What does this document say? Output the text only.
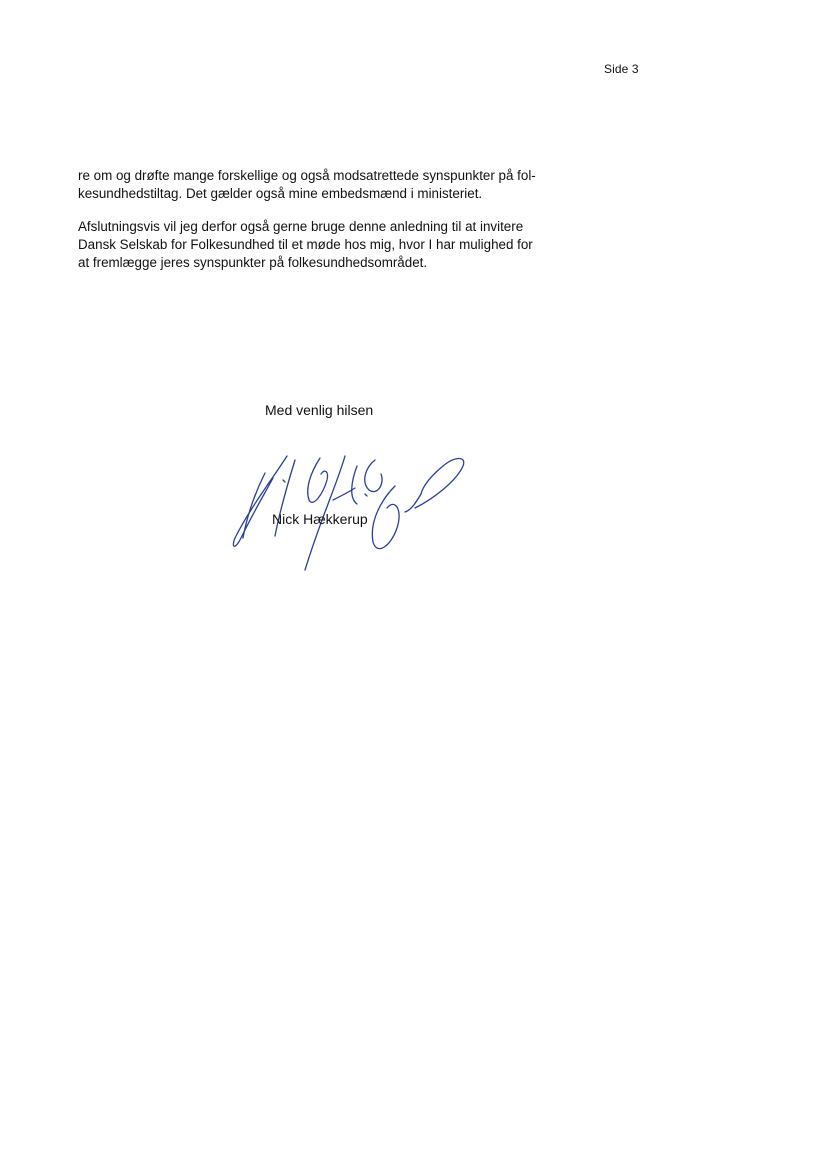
Side 3

re om og drøfte mange forskellige og også modsatrettede synspunkter på fol-
kesundhedstiltag. Det gælder også mine embedsmænd i ministeriet.

Afslutningsvis vil jeg derfor også gerne bruge denne anledning til at invitere
Dansk Selskab for Folkesundhed til et møde hos mig, hvor I har mulighed for
at fremlægge jeres synspunkter på folkesundhedsområdet.

Med venlig hilsen
Nick Hækkerup
